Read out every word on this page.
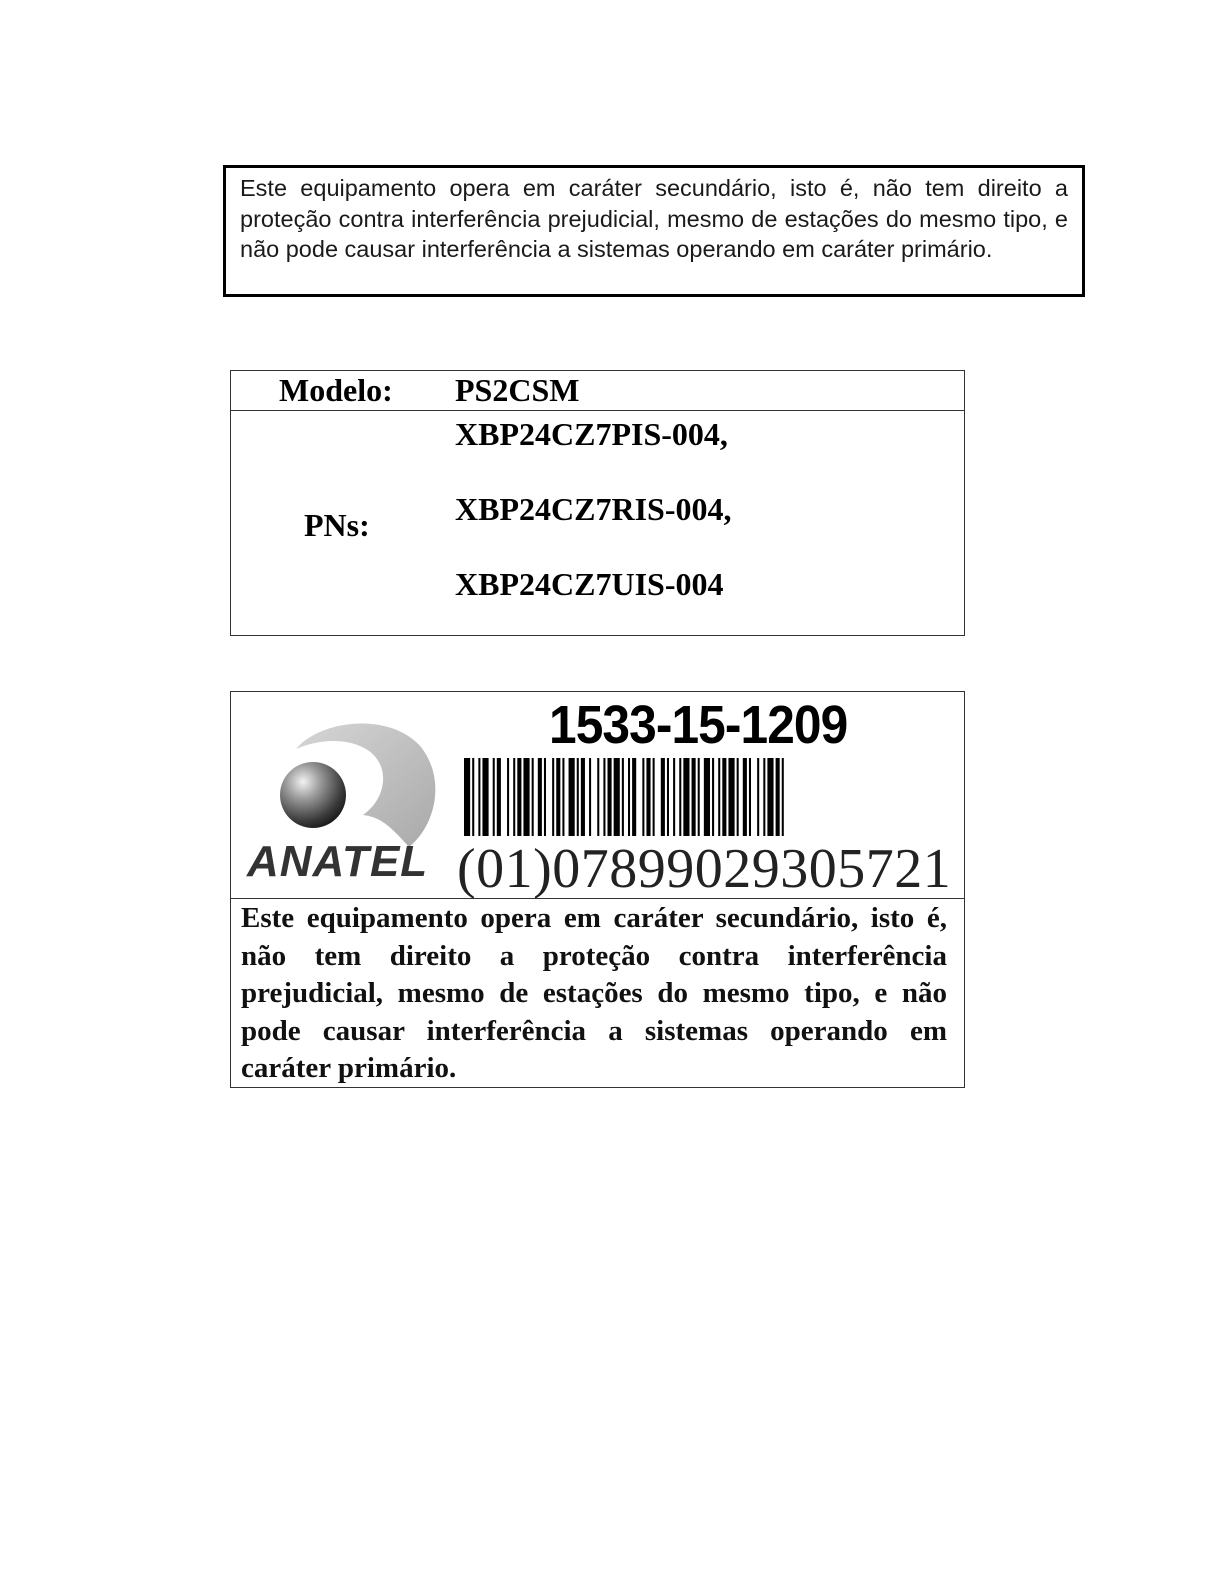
Este equipamento opera em caráter secundário, isto é, não tem direito a proteção contra interferência prejudicial, mesmo de estações do mesmo tipo, e não pode causar interferência a sistemas operando em caráter primário.

Modelo: PS2CSM
PNs:
XBP24CZ7PIS-004,
XBP24CZ7RIS-004,
XBP24CZ7UIS-004
ANATEL
1533-15-1209
(01)07899029305721

Este equipamento opera em caráter secundário, isto é, não tem direito a proteção contra interferência prejudicial, mesmo de estações do mesmo tipo, e não pode causar interferência a sistemas operando em caráter primário.
